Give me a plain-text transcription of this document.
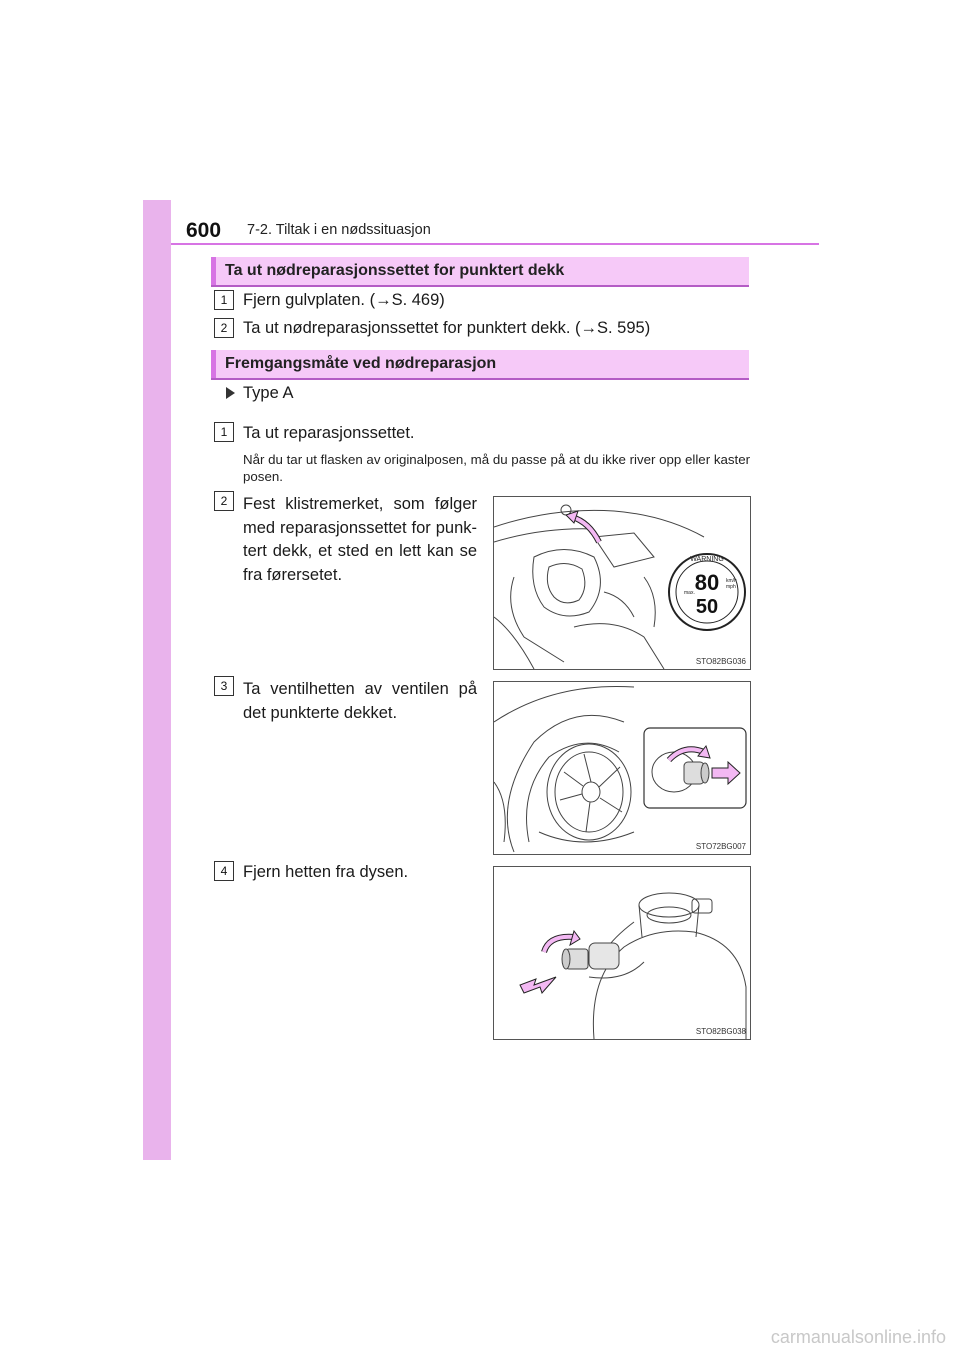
600 7-2. Tiltak i en nødssituasjon
Ta ut nødreparasjonssettet for punktert dekk
1 Fjern gulvplaten. (→S. 469)
2 Ta ut nødreparasjonssettet for punktert dekk. (→S. 595)
Fremgangsmåte ved nødreparasjon
Type A
1 Ta ut reparasjonssettet.
Når du tar ut flasken av originalposen, må du passe på at du ikke river opp eller kaster posen.
2 Fest klistremerket, som følger med reparasjonssettet for punk-tert dekk, et sted en lett kan se fra førersetet.
3 Ta ventilhetten av ventilen på det punkterte dekket.
4 Fjern hetten fra dysen.
WARNING
80
50
km/h
mph
max.
STO82BG036
STO72BG007
STO82BG038
carmanualsonline.info
